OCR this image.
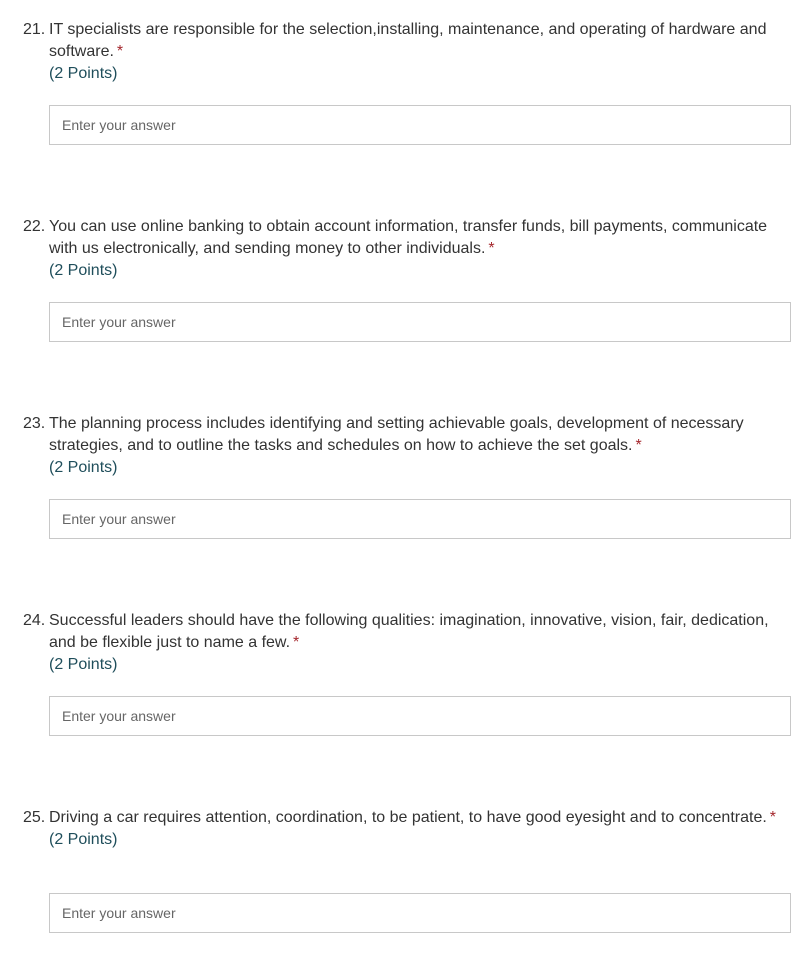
21. IT specialists are responsible for the selection,installing, maintenance, and operating of hardware and software. *
(2 Points)
Enter your answer
22. You can use online banking to obtain account information, transfer funds, bill payments, communicate with us electronically, and sending money to other individuals. *
(2 Points)
Enter your answer
23. The planning process includes identifying and setting achievable goals, development of necessary strategies, and to outline the tasks and schedules on how to achieve the set goals. *
(2 Points)
Enter your answer
24. Successful leaders should have the following qualities: imagination, innovative, vision, fair, dedication, and be flexible just to name a few. *
(2 Points)
Enter your answer
25. Driving a car requires attention, coordination, to be patient, to have good eyesight and to concentrate. *
(2 Points)
Enter your answer
